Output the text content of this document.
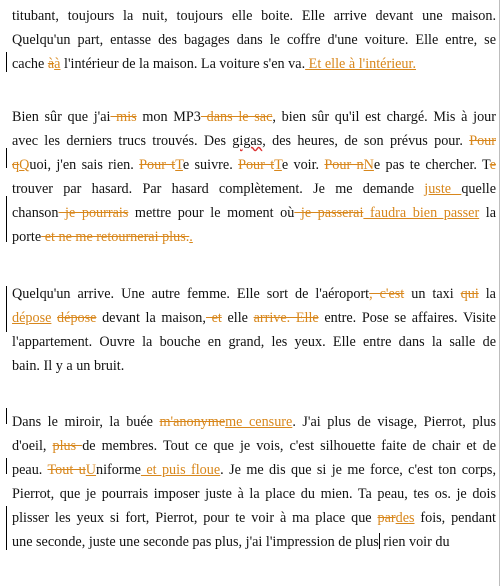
titubant, toujours la nuit, toujours elle boite. Elle arrive devant une maison.
Quelqu'un part, entasse des bagages dans le coffre d'une voiture. Elle entre, se
cache àà l'intérieur de la maison. La voiture s'en va. Et elle à l'intérieur.
Bien sûr que j'ai mis mon MP3 dans le sac, bien sûr qu'il est chargé. Mis à jour
avec les derniers trucs trouvés. Des gigas, des heures, de son prévus pour. Pour
qQuoi, j'en sais rien. Pour tTe suivre. Pour tTe voir. Pour nNe pas te chercher. Te
trouver par hasard. Par hasard complètement. Je me demande juste quelle
chanson je pourrais mettre pour le moment où je passerai faudra bien passer la
porte et ne me retournerai plus..
Quelqu'un arrive. Une autre femme. Elle sort de l'aéroport, c'est un taxi qui la
dépose dépose devant la maison, et elle arrive. Elle entre. Pose se affaires. Visite
l'appartement. Ouvre la bouche en grand, les yeux. Elle entre dans la salle de
bain. Il y a un bruit.
Dans le miroir, la buée m'anonymeme censure. J'ai plus de visage, Pierrot, plus
d'oeil, plus de membres. Tout ce que je vois, c'est silhouette faite de chair et de
peau. Tout uUniforme et puis floue. Je me dis que si je me force, c'est ton corps,
Pierrot, que je pourrais imposer juste à la place du mien. Ta peau, tes os. je dois
plisser les yeux si fort, Pierrot, pour te voir à ma place que pardes fois, pendant
une seconde, juste une seconde pas plus, j'ai l'impression de plus rien voir du
